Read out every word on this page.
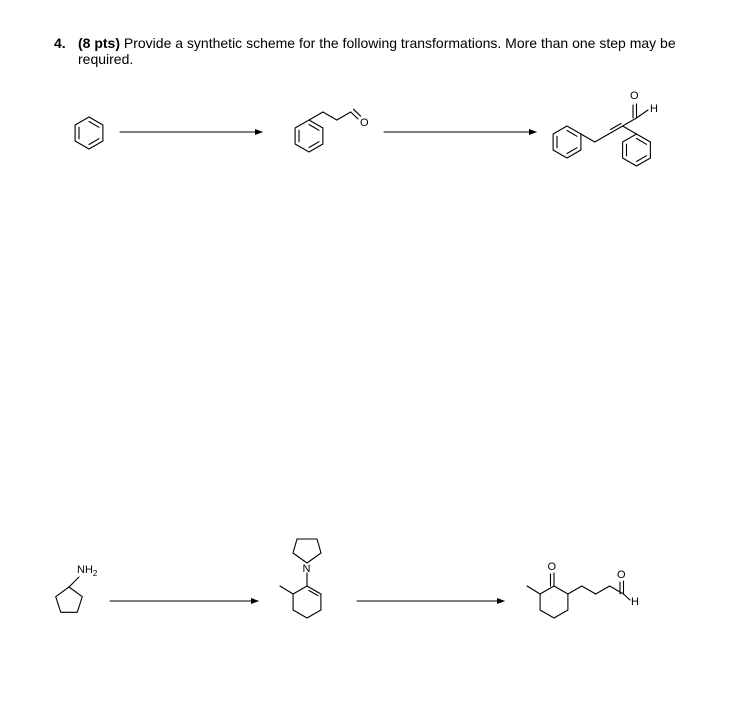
4. (8 pts) Provide a synthetic scheme for the following transformations. More than one step may be
required.
O
O
H
$NH_2$	N	O
O
H
